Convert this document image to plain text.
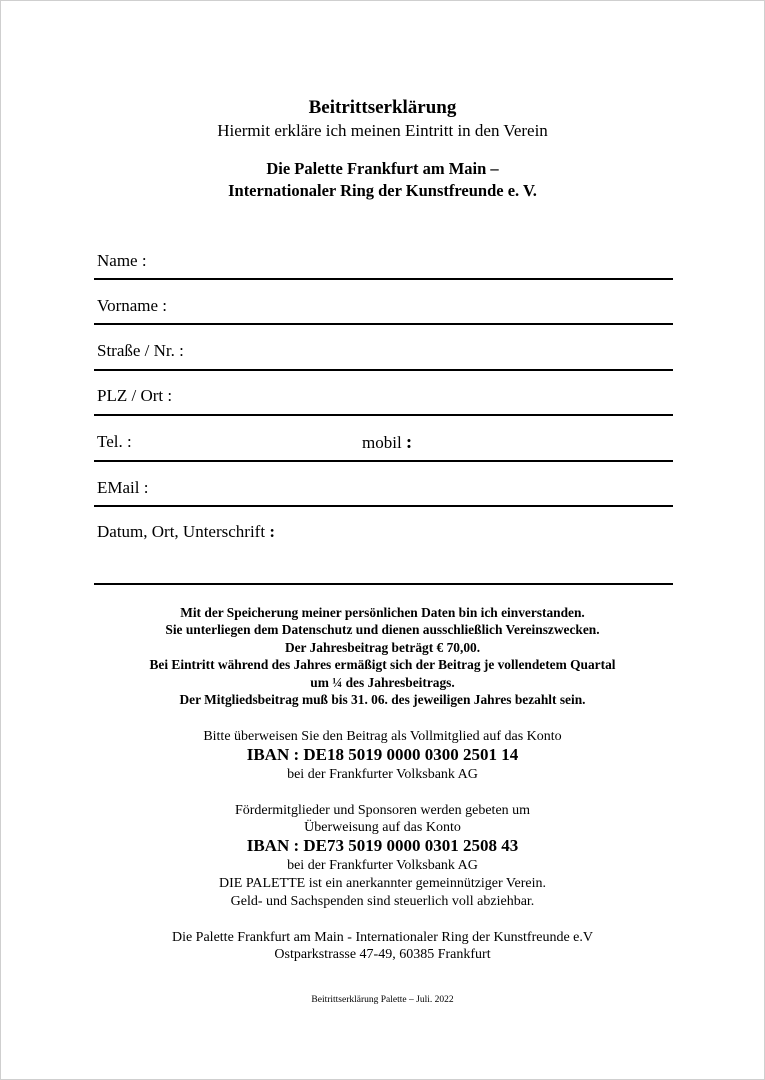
Beitrittserklärung
Hiermit erkläre ich meinen Eintritt in den Verein
Die Palette Frankfurt am Main –
Internationaler Ring der Kunstfreunde e. V.
Name :
Vorname :
Straße / Nr. :
PLZ / Ort :
Tel. :	mobil :
EMail :
Datum, Ort, Unterschrift :
Mit der Speicherung meiner persönlichen Daten bin ich einverstanden.
Sie unterliegen dem Datenschutz und dienen ausschließlich Vereinszwecken.
Der Jahresbeitrag beträgt € 70,00.
Bei Eintritt während des Jahres ermäßigt sich der Beitrag je vollendetem Quartal
um ¼ des Jahresbeitrags.
Der Mitgliedsbeitrag muß bis 31. 06. des jeweiligen Jahres bezahlt sein.
Bitte überweisen Sie den Beitrag als Vollmitglied auf das Konto
IBAN : DE18 5019 0000 0300 2501 14
bei der Frankfurter Volksbank AG
Fördermitglieder und Sponsoren werden gebeten um
Überweisung auf das Konto
IBAN : DE73 5019 0000 0301 2508 43
bei der Frankfurter Volksbank AG
DIE PALETTE ist ein anerkannter gemeinnütziger Verein.
Geld- und Sachspenden sind steuerlich voll abziehbar.
Die Palette Frankfurt am Main - Internationaler Ring der Kunstfreunde e.V
Ostparkstrasse 47-49, 60385 Frankfurt
Beitrittserklärung Palette – Juli. 2022
